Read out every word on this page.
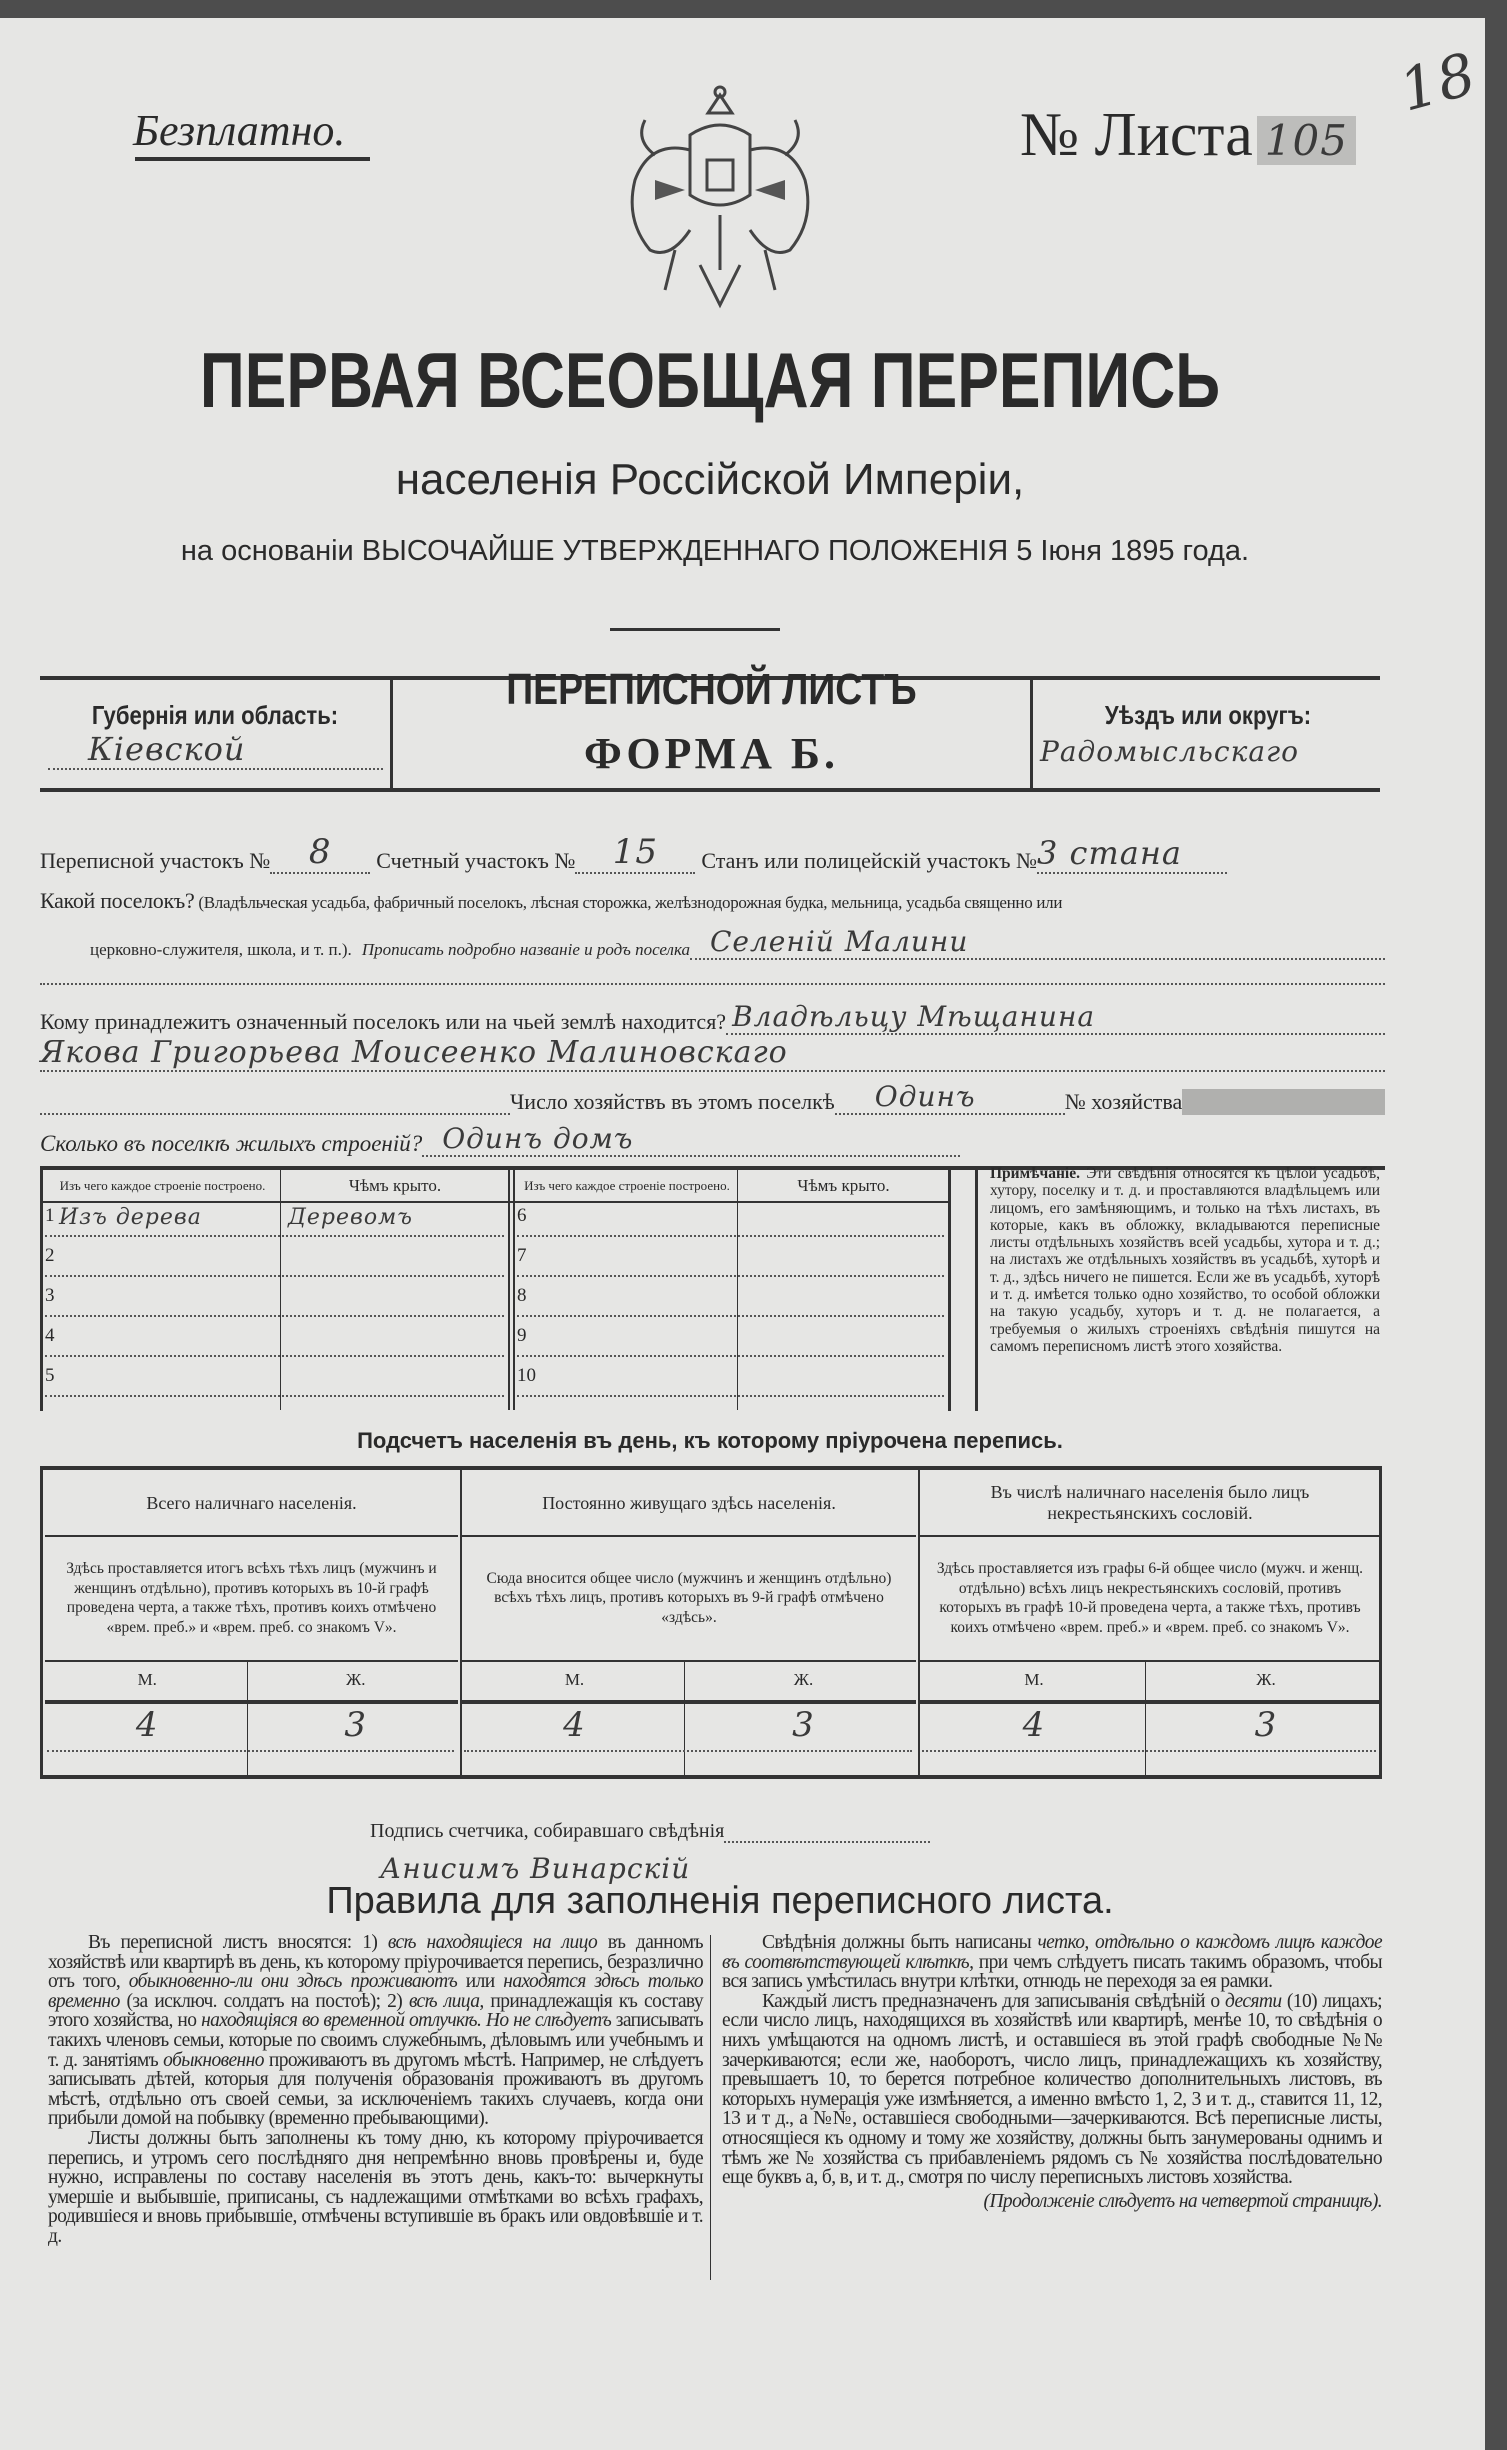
18
Безплатно.	№ Листа 105
ПЕРВАЯ ВСЕОБЩАЯ ПЕРЕПИСЬ
населенія Россійской Имперіи,
на основаніи ВЫСОЧАЙШЕ УТВЕРЖДЕННАГО ПОЛОЖЕНІЯ 5 Іюня 1895 года.
Губернія или область:
Кіевской
ПЕРЕПИСНОЙ ЛИСТЪ
ФОРМА Б.
Уѣздъ или округъ:
Радомысльскаго
Переписной участокъ №	8	Счетный участокъ №	15	Станъ или полицейскій участокъ № 3 стана
Какой поселокъ? (Владѣльческая усадьба, фабричный поселокъ, лѣсная сторожка, желѣзнодорожная будка, мельница, усадьба священно или
церковно-служителя, школа, и т. п.). Прописать подробно названіе и родъ поселка Селеній Малини
Кому принадлежитъ означенный поселокъ или на чьей землѣ находится? Владѣльцу Мѣщанина
Якова Григорьева Моисеенко Малиновскаго
Число хозяйствъ въ этомъ поселкѣ	Одинъ	№ хозяйства
Сколько въ поселкѣ жилыхъ строеній? Одинъ домъ
Изъ чего каждое строеніе построено.	Чѣмъ крыто.	Изъ чего каждое строеніе построено.	Чѣмъ крыто.
1 Изъ дерева	Деревомъ
2
3
4
5
6
7
8
9
10
Примѣчаніе. Эти свѣдѣнія относятся къ цѣлой усадьбѣ, хутору, поселку и т. д. и проставляются владѣльцемъ или лицомъ, его замѣняющимъ, и только на тѣхъ листахъ, въ которые, какъ въ обложку, вкладываются переписные листы отдѣльныхъ хозяйствъ всей усадьбы, хутора и т. д.; на листахъ же отдѣльныхъ хозяйствъ въ усадьбѣ, хуторѣ и т. д., здѣсь ничего не пишется. Если же въ усадьбѣ, хуторѣ и т. д. имѣется только одно хозяйство, то особой обложки на такую усадьбу, хуторъ и т. д. не полагается, а требуемыя о жилыхъ строеніяхъ свѣдѣнія пишутся на самомъ переписномъ листѣ этого хозяйства.
Подсчетъ населенія въ день, къ которому пріурочена перепись.
Всего наличнаго населенія.
Здѣсь проставляется итогъ всѣхъ тѣхъ лицъ (мужчинъ и женщинъ отдѣльно), противъ которыхъ въ 10-й графѣ проведена черта, а также тѣхъ, противъ коихъ отмѣчено «врем. преб.» и «врем. преб. со знакомъ V».
М.	Ж.
4	3
Постоянно живущаго здѣсь населенія.
Сюда вносится общее число (мужчинъ и женщинъ отдѣльно) всѣхъ тѣхъ лицъ, противъ которыхъ въ 9-й графѣ отмѣчено «здѣсь».
М.	Ж.
4	3
Въ числѣ наличнаго населенія было лицъ некрестьянскихъ сословій.
Здѣсь проставляется изъ графы 6-й общее число (мужч. и женщ. отдѣльно) всѣхъ лицъ некрестьянскихъ сословій, противъ которыхъ въ графѣ 10-й проведена черта, а также тѣхъ, противъ коихъ отмѣчено «врем. преб.» и «врем. преб. со знакомъ V».
М.	Ж.
4	3
Подпись счетчика, собиравшаго свѣдѣнія
Анисимъ Винарскій
Правила для заполненія переписного листа.

Въ переписной листъ вносятся: 1) всѣ находящіеся на лицо въ данномъ хозяйствѣ или квартирѣ въ день, къ которому пріурочивается перепись, безразлично отъ того, обыкновенно-ли они здѣсь проживаютъ или находятся здѣсь только временно (за исключ. солдатъ на постоѣ); 2) всѣ лица, принадлежащія къ составу этого хозяйства, но находящіяся во временной отлучкѣ. Но не слѣдуетъ записывать такихъ членовъ семьи, которые по своимъ служебнымъ, дѣловымъ или учебнымъ и т. д. занятіямъ обыкновенно проживаютъ въ другомъ мѣстѣ. Например, не слѣдуетъ записывать дѣтей, которыя для полученія образованія проживаютъ въ другомъ мѣстѣ, отдѣльно отъ своей семьи, за исключеніемъ такихъ случаевъ, когда они прибыли домой на побывку (временно пребывающими).

Листы должны быть заполнены къ тому дню, къ которому пріурочивается перепись, и утромъ сего послѣдняго дня непремѣнно вновь провѣрены и, буде нужно, исправлены по составу населенія въ этотъ день, какъ-то: вычеркнуты умершіе и выбывшіе, приписаны, съ надлежащими отмѣтками во всѣхъ графахъ, родившіеся и вновь прибывшіе, отмѣчены вступившіе въ бракъ или овдовѣвшіе и т. д.

Свѣдѣнія должны быть написаны четко, отдѣльно о каждомъ лицѣ каждое въ соотвѣтствующей клѣткѣ, при чемъ слѣдуетъ писать такимъ образомъ, чтобы вся запись умѣстилась внутри клѣтки, отнюдь не переходя за ея рамки.

Каждый листъ предназначенъ для записыванія свѣдѣній о десяти (10) лицахъ; если число лицъ, находящихся въ хозяйствѣ или квартирѣ, менѣе 10, то свѣдѣнія о нихъ умѣщаются на одномъ листѣ, и оставшіеся въ этой графѣ свободные №№ зачеркиваются; если же, наоборотъ, число лицъ, принадлежащихъ къ хозяйству, превышаетъ 10, то берется потребное количество дополнительныхъ листовъ, въ которыхъ нумерація уже измѣняется, а именно вмѣсто 1, 2, 3 и т. д., ставится 11, 12, 13 и т д., а №№, оставшіеся свободными—зачеркиваются. Всѣ переписные листы, относящіеся къ одному и тому же хозяйству, должны быть занумерованы однимъ и тѣмъ же № хозяйства съ прибавленіемъ рядомъ съ № хозяйства послѣдовательно еще буквъ а, б, в, и т. д., смотря по числу переписныхъ листовъ хозяйства.

(Продолженіе слѣдуетъ на четвертой страницѣ).
